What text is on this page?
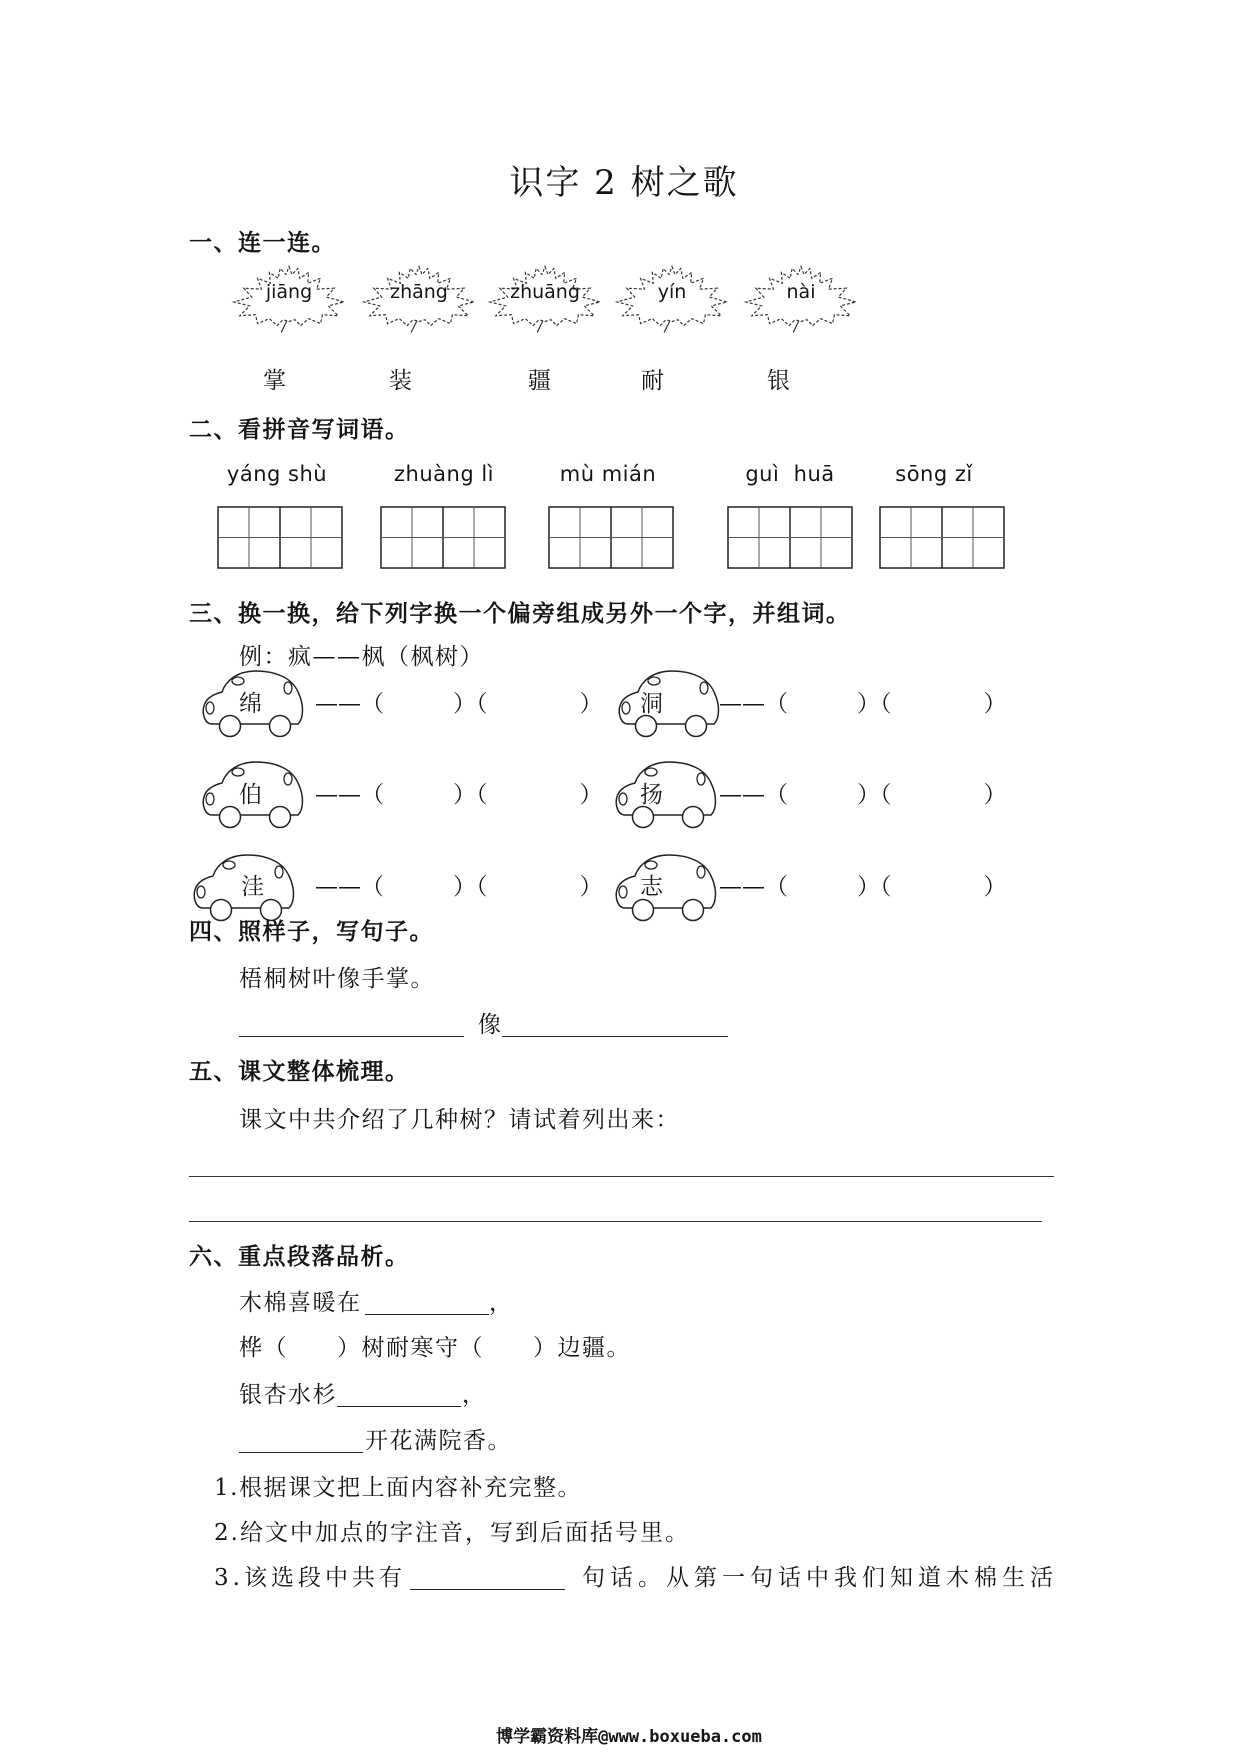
识字 2 树之歌
一、连一连。
jiāng	zhāng	zhuāng	yín	nài
掌	装	疆	耐	银
二、看拼音写词语。
yáng shù	zhuàng lì	mù mián	guì  huā	sōng zǐ
三、换一换，给下列字换一个偏旁组成另外一个字，并组词。
例：疯——枫（枫树）
绵 ——（　　　）（　　　　） 洞 ——（　　　）（　　　　）
伯 ——（　　　）（　　　　） 扬 ——（　　　）（　　　　）
洼 ——（　　　）（　　　　） 志 ——（　　　）（　　　　）
四、照样子，写句子。
梧桐树叶像手掌。
像
五、课文整体梳理。
课文中共介绍了几种树？请试着列出来：
六、重点段落品析。
木棉喜暖在	，
桦（　　）树耐寒守（　　）边疆。
银杏水杉	，
开花满院香。
1.根据课文把上面内容补充完整。
2.给文中加点的字注音，写到后面括号里。
3.该选段中共有	句话。从第一句话中我们知道木棉生活
博学霸资料库@www.boxueba.com
